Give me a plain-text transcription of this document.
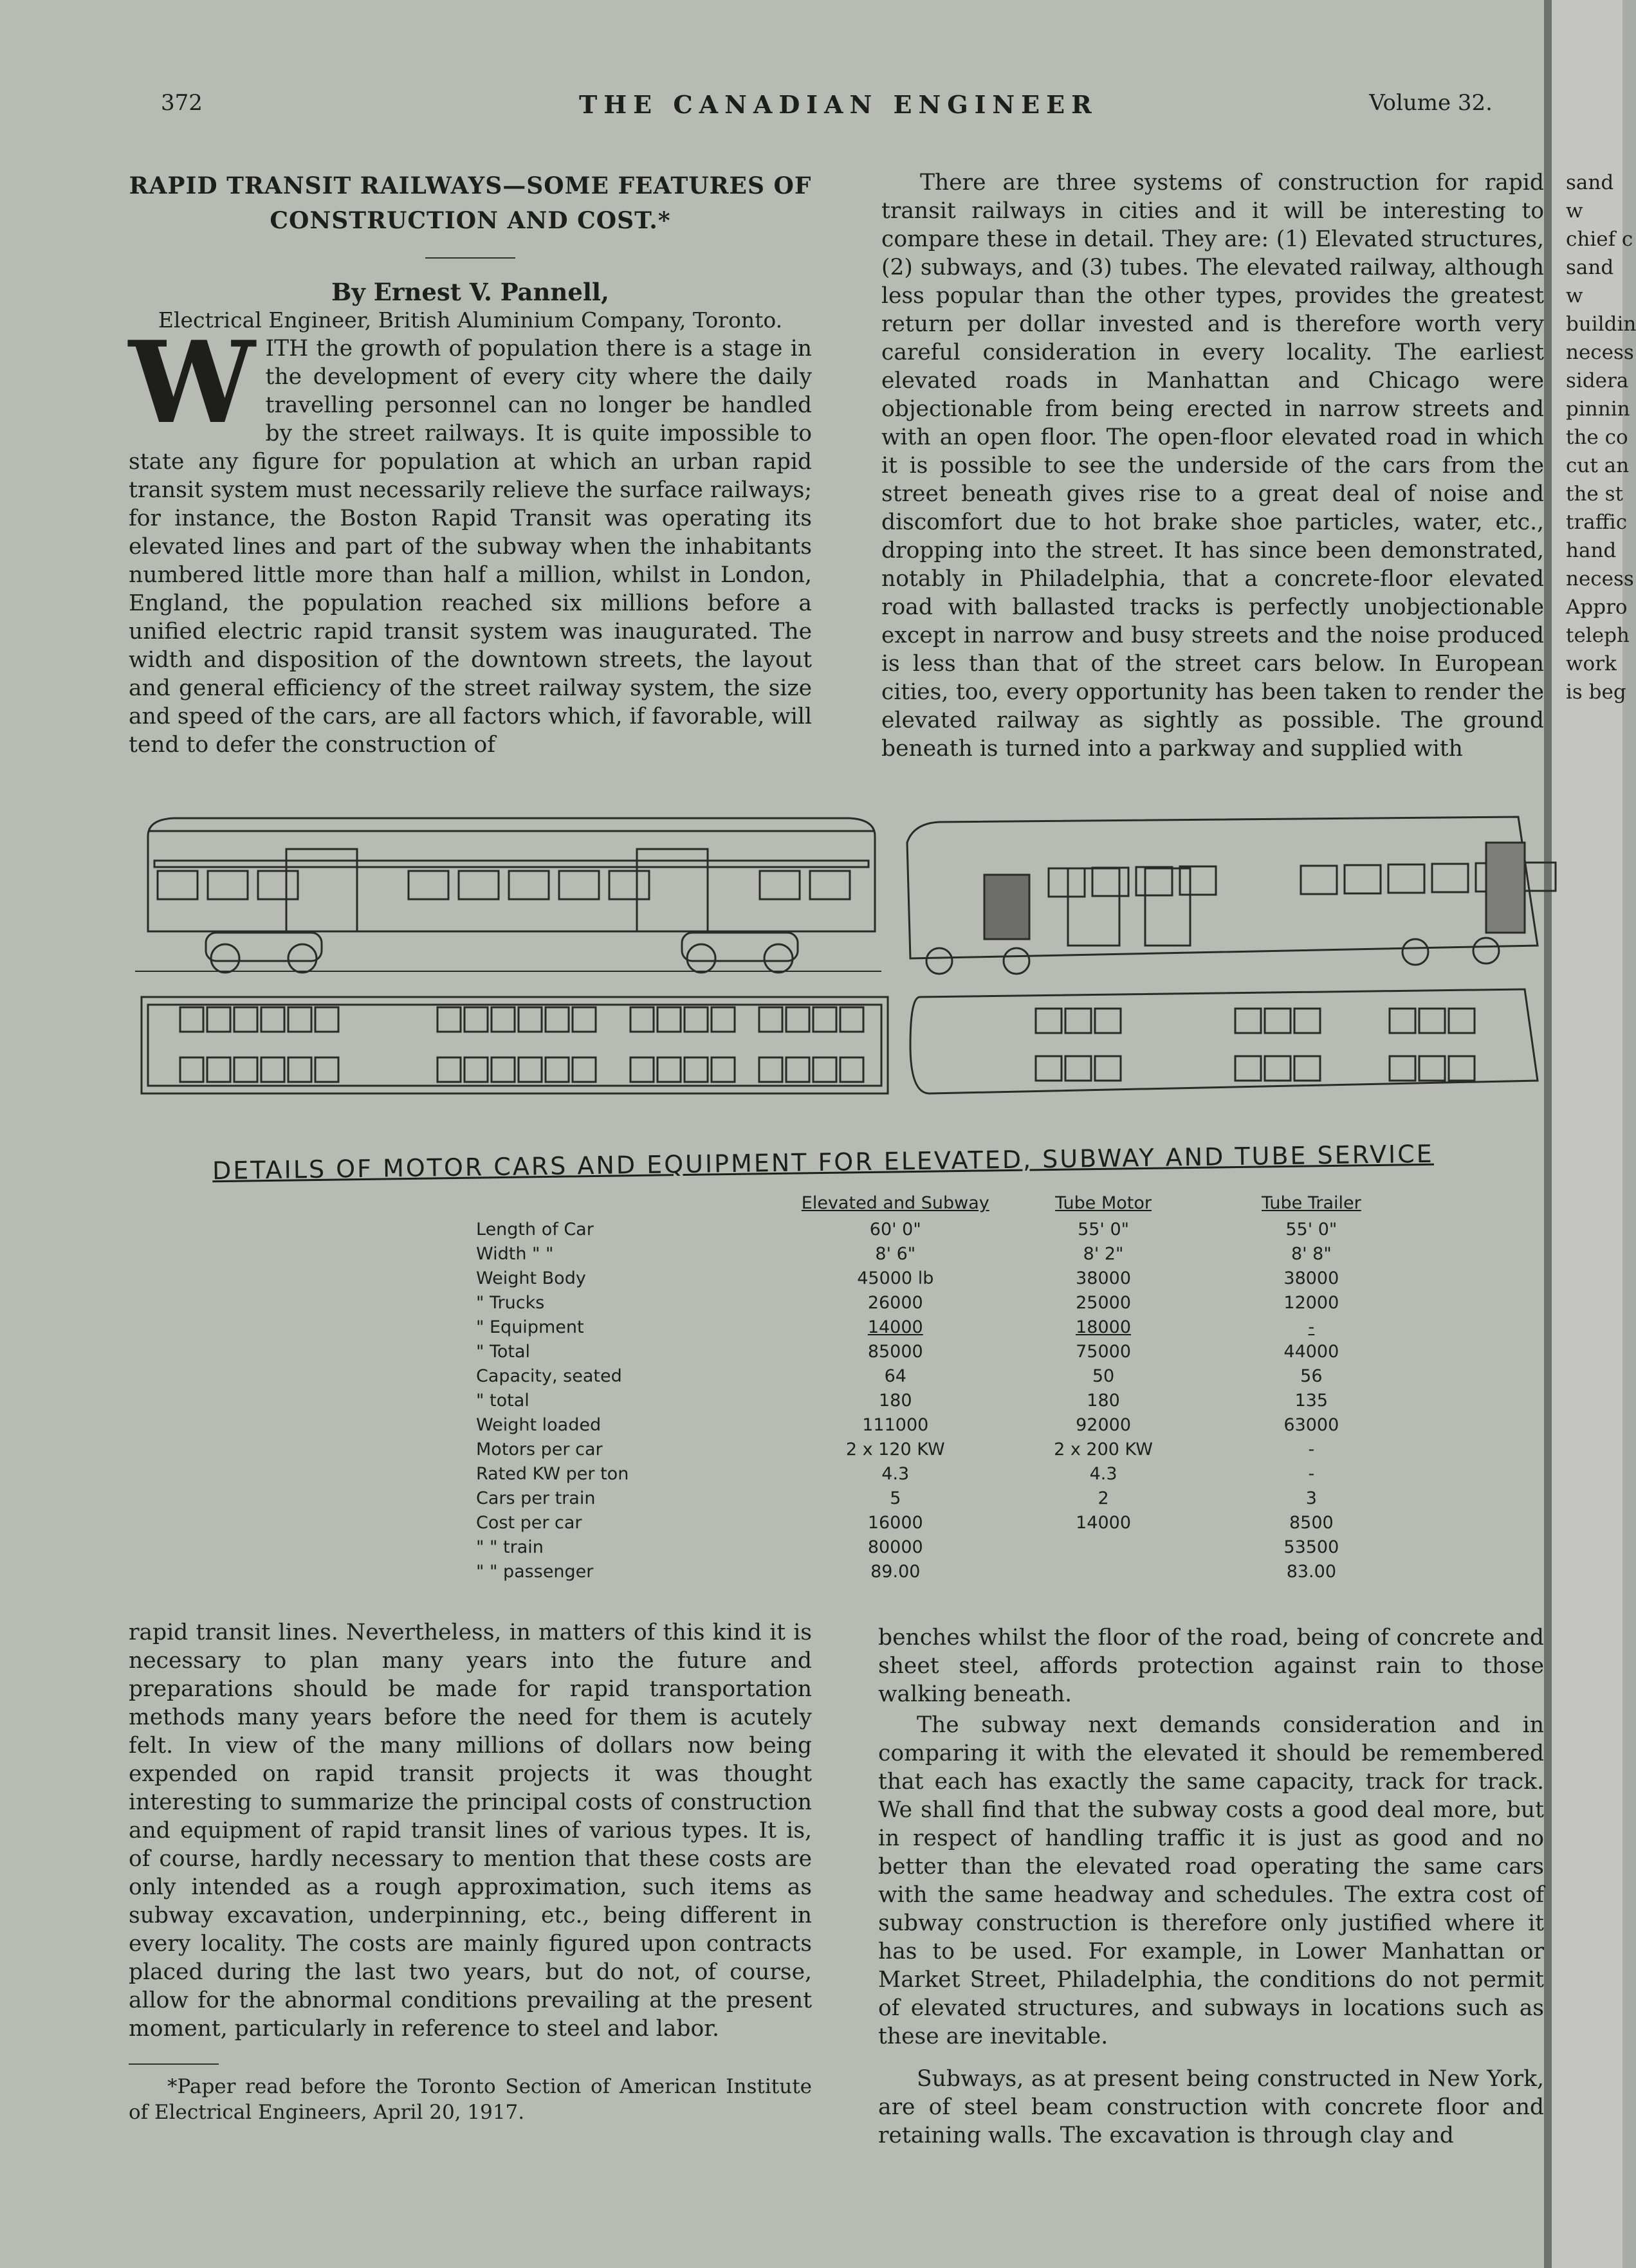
sand w
chief c
sand w
buildin
necess
sidera
pinnin
the co
cut an
the st
traffic
hand
necess
Appro
teleph
work
is beg
372	THE CANADIAN ENGINEER	Volume 32.

RAPID TRANSIT RAILWAYS—SOME FEATURES OF CONSTRUCTION AND COST.*

By Ernest V. Pannell,

Electrical Engineer, British Aluminium Company, Toronto.

WITH the growth of population there is a stage in the development of every city where the daily travelling personnel can no longer be handled by the street railways. It is quite impossible to state any figure for population at which an urban rapid transit system must necessarily relieve the surface railways; for instance, the Boston Rapid Transit was operating its elevated lines and part of the subway when the inhabitants numbered little more than half a million, whilst in London, England, the population reached six millions before a unified electric rapid transit system was inaugurated. The width and disposition of the downtown streets, the layout and general efficiency of the street railway system, the size and speed of the cars, are all factors which, if favorable, will tend to defer the construction of

There are three systems of construction for rapid transit railways in cities and it will be interesting to compare these in detail. They are: (1) Elevated structures, (2) subways, and (3) tubes. The elevated railway, although less popular than the other types, provides the greatest return per dollar invested and is therefore worth very careful consideration in every locality. The earliest elevated roads in Manhattan and Chicago were objectionable from being erected in narrow streets and with an open floor. The open-floor elevated road in which it is possible to see the underside of the cars from the street beneath gives rise to a great deal of noise and discomfort due to hot brake shoe particles, water, etc., dropping into the street. It has since been demonstrated, notably in Philadelphia, that a concrete-floor elevated road with ballasted tracks is perfectly unobjectionable except in narrow and busy streets and the noise produced is less than that of the street cars below. In European cities, too, every opportunity has been taken to render the elevated railway as sightly as possible. The ground beneath is turned into a parkway and supplied with

DETAILS OF MOTOR CARS AND EQUIPMENT FOR ELEVATED, SUBWAY AND TUBE SERVICE
	Elevated and Subway	Tube Motor	Tube Trailer
Length of Car	60' 0"	55' 0"	55' 0"
Width " "	8' 6"	8' 2"	8' 8"
Weight Body	45000 lb	38000	38000
" Trucks	26000	25000	12000
" Equipment	14000	18000	-
" Total	85000	75000	44000
Capacity, seated	64	50	56
" total	180	180	135
Weight loaded	111000	92000	63000
Motors per car	2 x 120 KW	2 x 200 KW	-
Rated KW per ton	4.3	4.3	-
Cars per train	5	2	3
Cost per car	16000	14000	8500
" " train	80000		53500
" " passenger	89.00		83.00

rapid transit lines. Nevertheless, in matters of this kind it is necessary to plan many years into the future and preparations should be made for rapid transportation methods many years before the need for them is acutely felt. In view of the many millions of dollars now being expended on rapid transit projects it was thought interesting to summarize the principal costs of construction and equipment of rapid transit lines of various types. It is, of course, hardly necessary to mention that these costs are only intended as a rough approximation, such items as subway excavation, underpinning, etc., being different in every locality. The costs are mainly figured upon contracts placed during the last two years, but do not, of course, allow for the abnormal conditions prevailing at the present moment, particularly in reference to steel and labor.

*Paper read before the Toronto Section of American Institute of Electrical Engineers, April 20, 1917.

benches whilst the floor of the road, being of concrete and sheet steel, affords protection against rain to those walking beneath.

The subway next demands consideration and in comparing it with the elevated it should be remembered that each has exactly the same capacity, track for track. We shall find that the subway costs a good deal more, but in respect of handling traffic it is just as good and no better than the elevated road operating the same cars with the same headway and schedules. The extra cost of subway construction is therefore only justified where it has to be used. For example, in Lower Manhattan or Market Street, Philadelphia, the conditions do not permit of elevated structures, and subways in locations such as these are inevitable.

Subways, as at present being constructed in New York, are of steel beam construction with concrete floor and retaining walls. The excavation is through clay and
